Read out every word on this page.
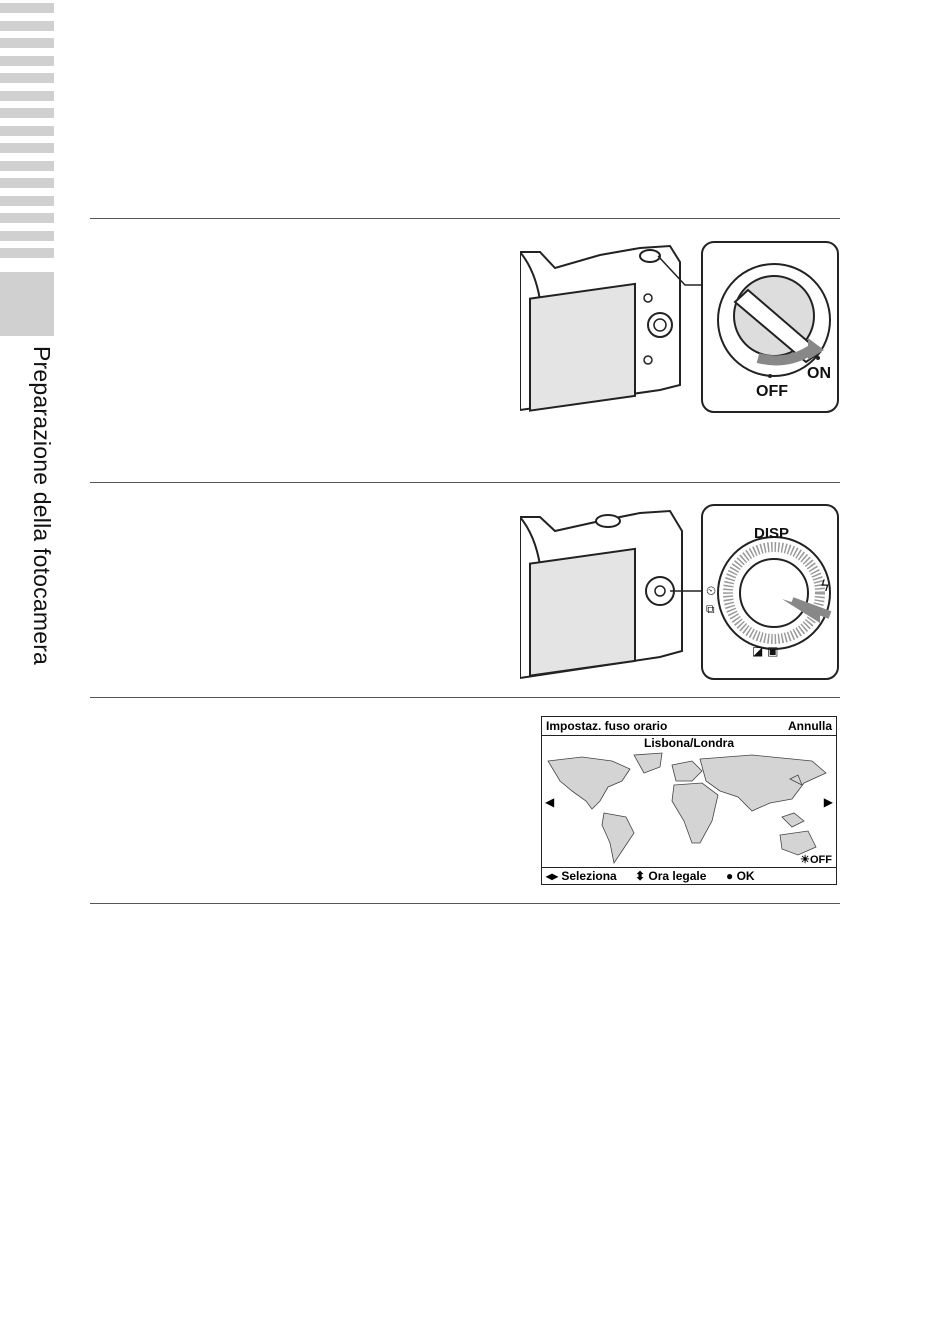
Preparazione della fotocamera	OFF
ON
DISP
⏲
⧉
ϟ
◪ ▣
Impostaz. fuso orario	Annulla
Lisbona/Londra
◀	▶
☀OFF
◂▸ Seleziona ⬍ Ora legale ● OK
